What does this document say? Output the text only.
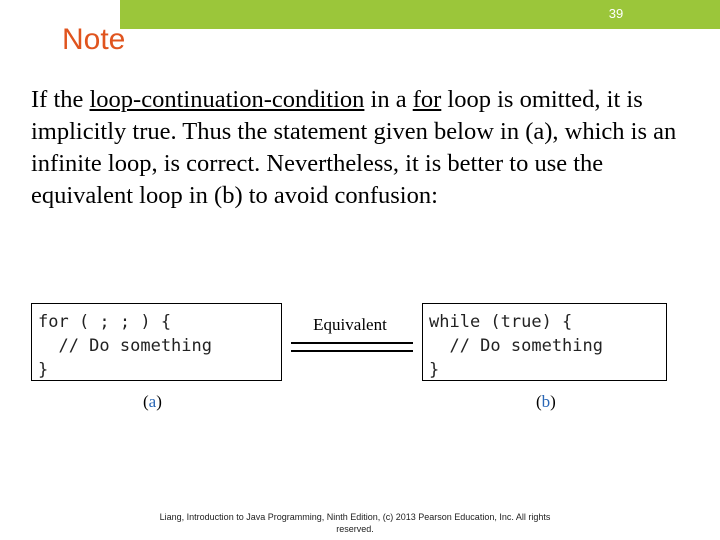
39
Note
If the loop-continuation-condition in a for loop is omitted, it is implicitly true. Thus the statement given below in (a), which is an infinite loop, is correct. Nevertheless, it is better to use the equivalent loop in (b) to avoid confusion:
for ( ; ; ) {
// Do something
}
Equivalent	while (true) {
// Do something
}
(a)	(b)
Liang, Introduction to Java Programming, Ninth Edition, (c) 2013 Pearson Education, Inc. All rights reserved.
